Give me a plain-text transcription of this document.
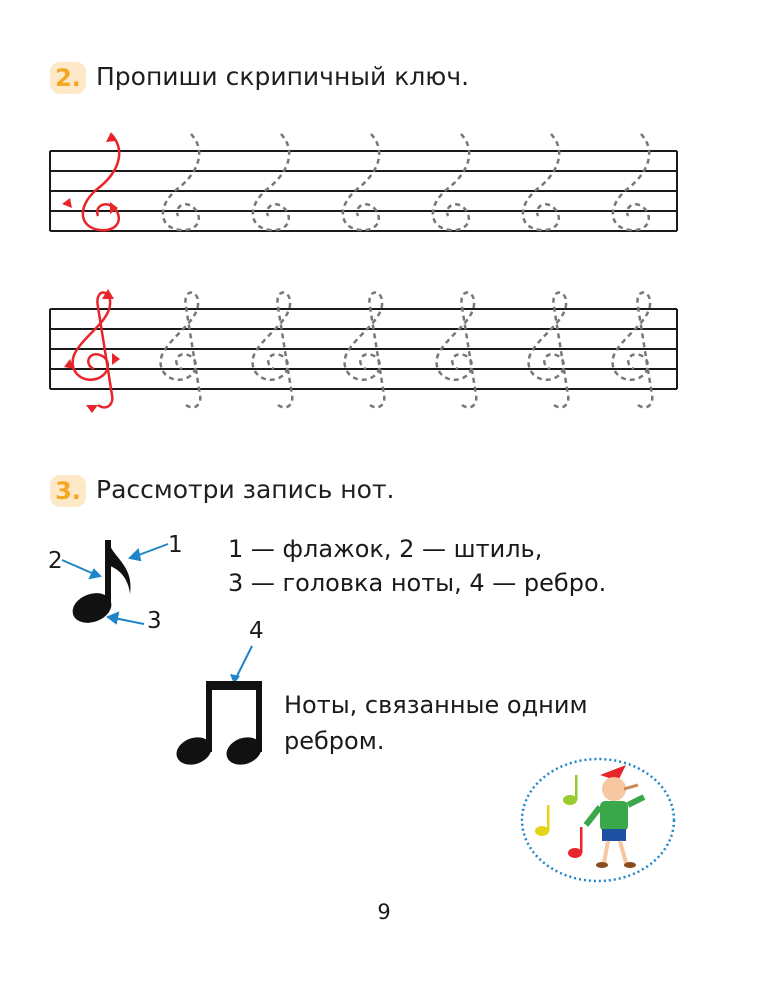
2. Пропиши скрипичный ключ.
3. Рассмотри запись нот.
1
2
3
1 — флажок, 2 — штиль,
3 — головка ноты, 4 — ребро.
4
Ноты, связанные одним
ребром.
9
